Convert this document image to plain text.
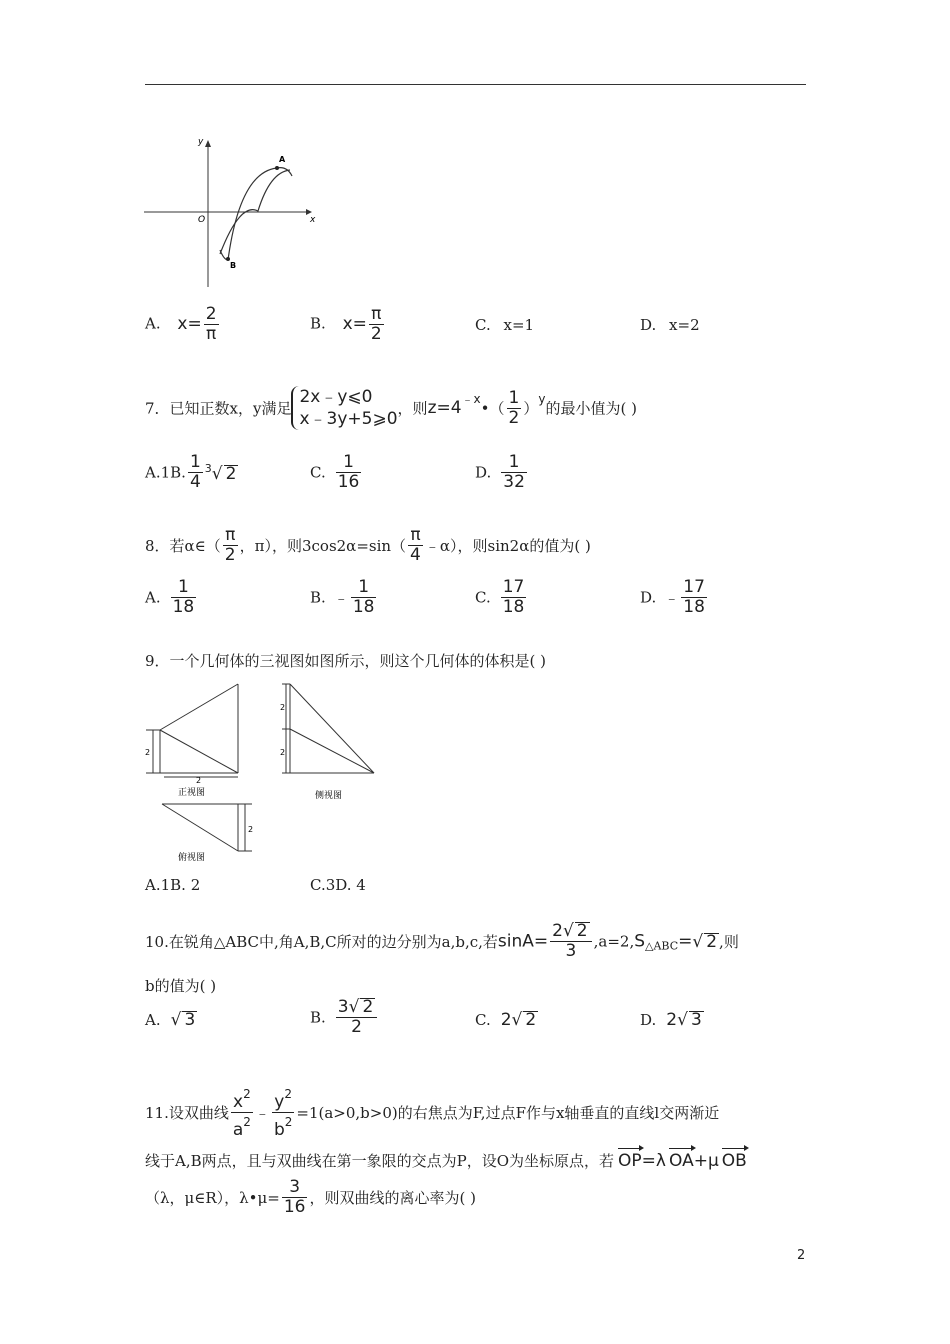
y
x
O
A
B
A. $x= \frac{2}{\pi}$	B. $x= \frac{\pi}{2}$	C. x=1	D. x=2
7．已知正数x，y满足
2x﹣y⩽0
x﹣3y+5⩾0
，则$z=4^{﹣x}•( \frac{1}{2} )^y$的最小值为( )
A.1B. $\frac{1}{4} ^3√$ 2	C. $\frac{1}{16}$	D. $\frac{1}{32}$
8．若α∈（ $\frac{\pi}{2}$ ，π），则$3\cos 2\alpha=\sin( \frac{\pi}{4}$ ﹣α），则sin2α的值为( )
A. $\frac{1}{18}$	B. ﹣ $\frac{1}{18}$	C. $\frac{17}{18}$	D. ﹣ $\frac{17}{18}$
9．一个几何体的三视图如图所示，则这个几何体的体积是( )
2
2
正视图
2
2
侧视图
2
俯视图
A.1B. 2	C.3D. 4
10.在锐角△ABC中,角A,B,C所对的边分别为a,b,c,若$\sin A= \frac{2√ 2}{3} ,a=2,S_{\triangle ABC}=√$ 2 ,则
b的值为( )
A. √ 3	B. $\frac{3√ 2}{2}$	C. 2√ 2	D. 2√ 3
11.设双曲线 $\frac{x^2}{a^2}$ ﹣ $\frac{y^2}{b^2} =1(a>0,b>0)$的右焦点为F,过点F作与x轴垂直的直线l交两渐近
线于A,B两点，且与双曲线在第一象限的交点为P，设O为坐标原点，若 OP=λ OA+μ OB
（λ，μ∈R），λ•μ= $\frac{3}{16}$ ，则双曲线的离心率为( )
2
